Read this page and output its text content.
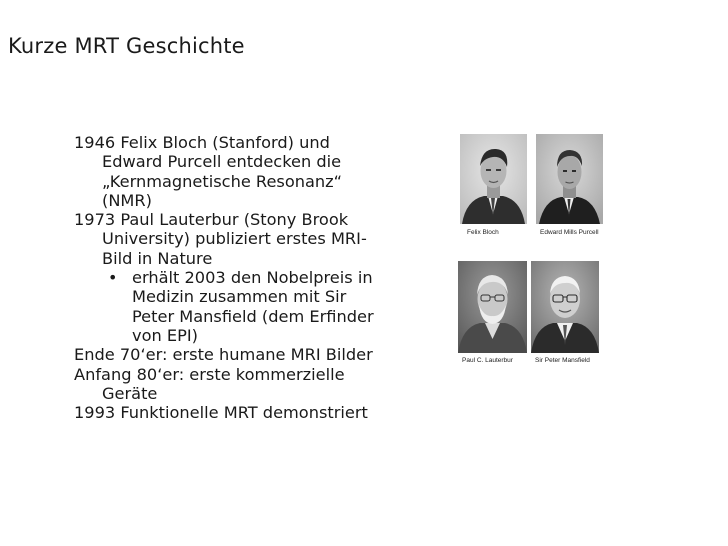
Kurze MRT Geschichte

1946 Felix Bloch (Stanford) und Edward Purcell entdecken die „Kernmagnetische Resonanz“ (NMR)

1973 Paul Lauterbur (Stony Brook University) publiziert erstes MRI-Bild in Nature

• erhält 2003 den Nobelpreis in Medizin zusammen mit Sir Peter Mansfield (dem Erfinder von EPI)

Ende 70‘er: erste humane MRI Bilder

Anfang 80‘er: erste kommerzielle Geräte

1993 Funktionelle MRT demonstriert

Felix Bloch	Edward Mills Purcell
Paul C. Lauterbur	Sir Peter Mansfield
